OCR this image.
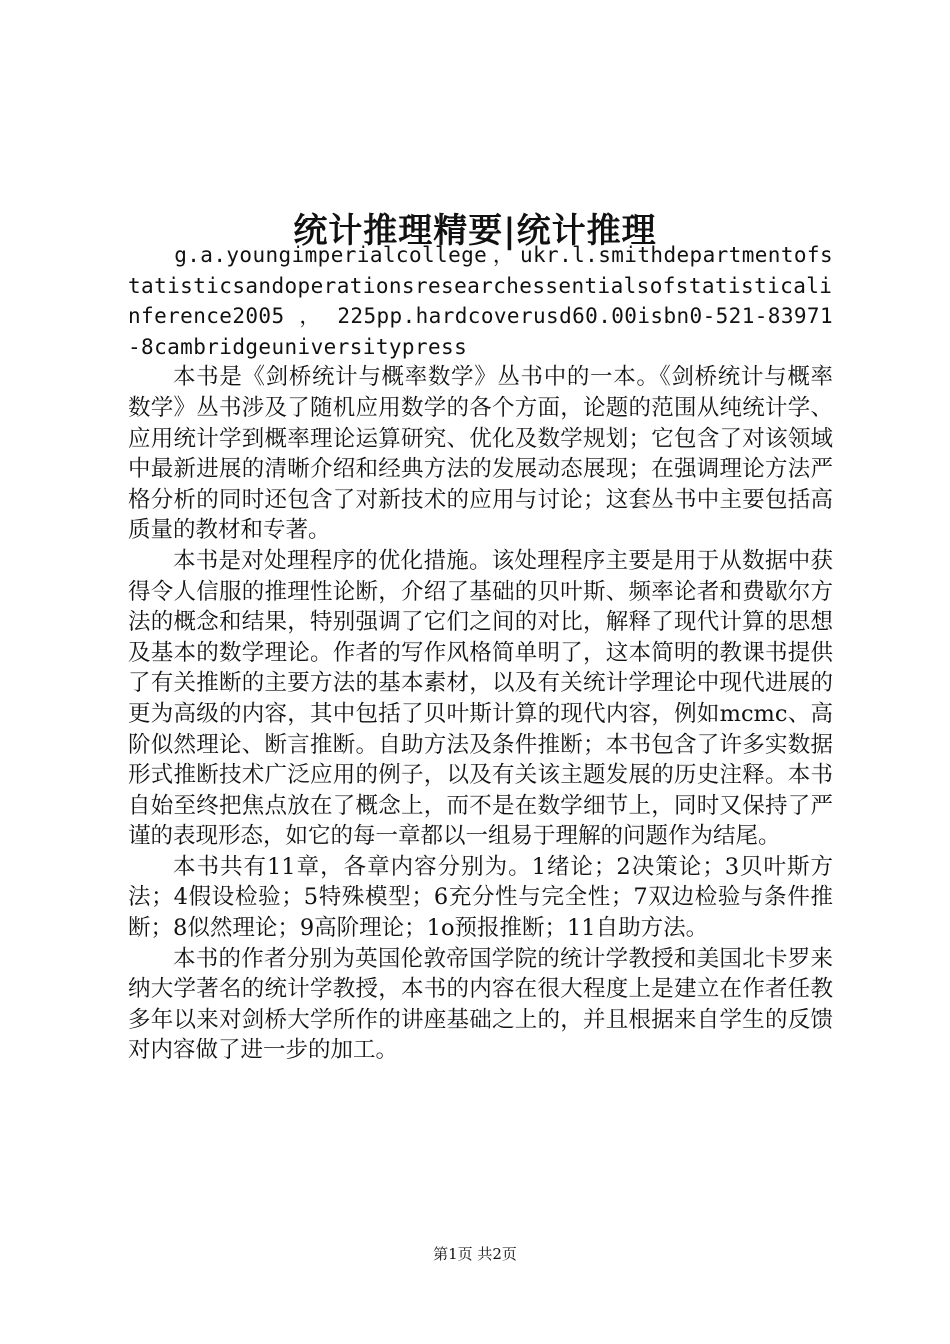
统计推理精要|统计推理

g.a.youngimperialcollege，ukr.l.smithdepartmentofstatisticsandoperationsresearchessentialsofstatisticalinference2005 ， 225pp.hardcoverusd60.00isbn0-521-83971-8cambridgeuniversitypress

本书是《剑桥统计与概率数学》丛书中的一本。《剑桥统计与概率数学》丛书涉及了随机应用数学的各个方面，论题的范围从纯统计学、应用统计学到概率理论运算研究、优化及数学规划；它包含了对该领域中最新进展的清晰介绍和经典方法的发展动态展现；在强调理论方法严格分析的同时还包含了对新技术的应用与讨论；这套丛书中主要包括高质量的教材和专著。

本书是对处理程序的优化措施。该处理程序主要是用于从数据中获得令人信服的推理性论断，介绍了基础的贝叶斯、频率论者和费歇尔方法的概念和结果，特别强调了它们之间的对比，解释了现代计算的思想及基本的数学理论。作者的写作风格简单明了，这本简明的教课书提供了有关推断的主要方法的基本素材，以及有关统计学理论中现代进展的更为高级的内容，其中包括了贝叶斯计算的现代内容，例如mcmc、高阶似然理论、断言推断。自助方法及条件推断；本书包含了许多实数据形式推断技术广泛应用的例子，以及有关该主题发展的历史注释。本书自始至终把焦点放在了概念上，而不是在数学细节上，同时又保持了严谨的表现形态，如它的每一章都以一组易于理解的问题作为结尾。

本书共有11章，各章内容分别为。1绪论；2决策论；3贝叶斯方法；4假设检验；5特殊模型；6充分性与完全性；7双边检验与条件推断；8似然理论；9高阶理论；1o预报推断；11自助方法。

本书的作者分别为英国伦敦帝国学院的统计学教授和美国北卡罗来纳大学著名的统计学教授，本书的内容在很大程度上是建立在作者任教多年以来对剑桥大学所作的讲座基础之上的，并且根据来自学生的反馈对内容做了进一步的加工。

第1页 共2页
